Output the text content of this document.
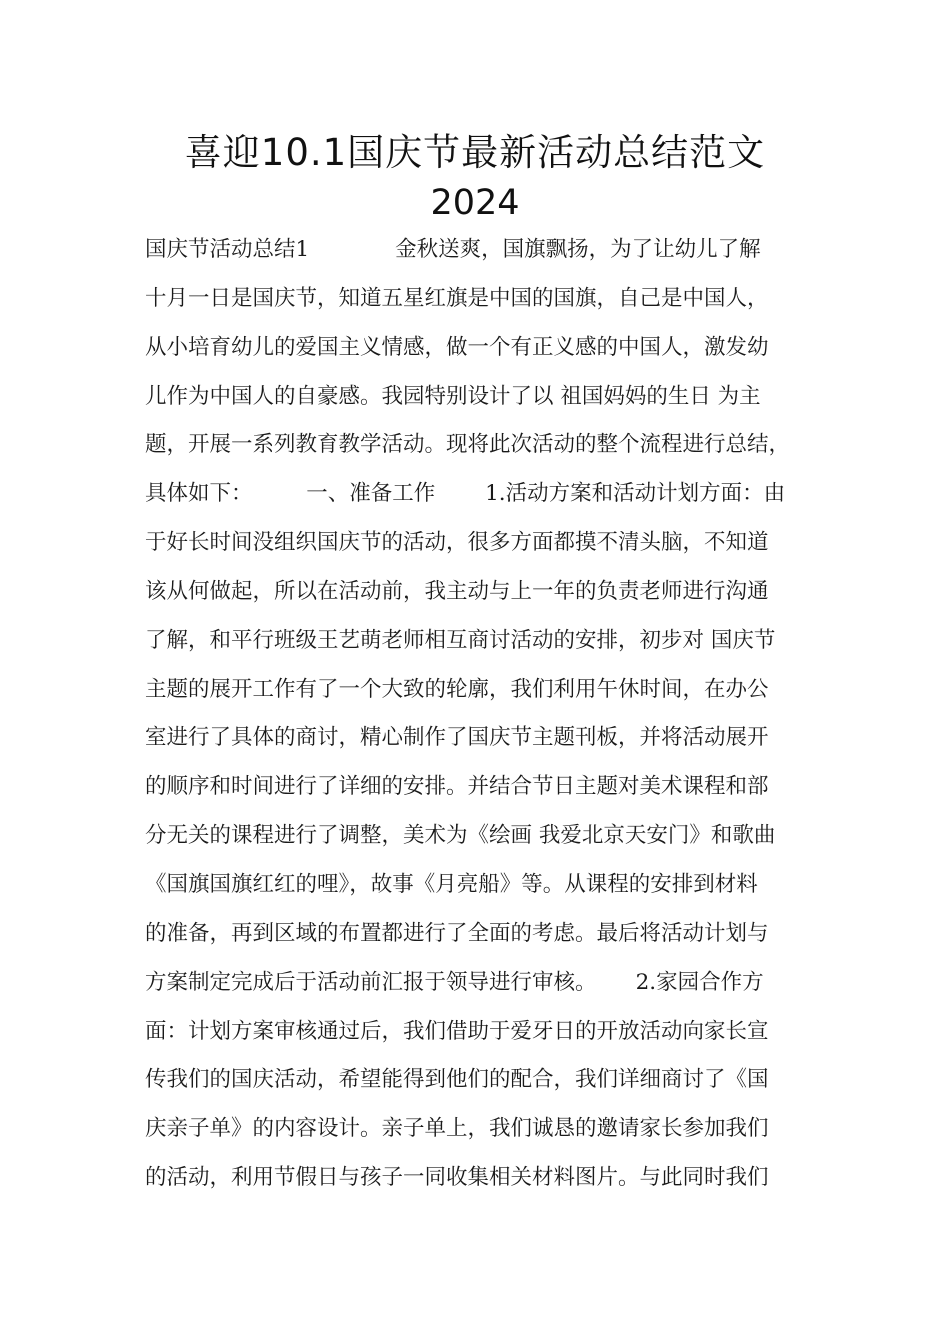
喜迎10.1国庆节最新活动总结范文
2024
国庆节活动总结1　　　　金秋送爽，国旗飘扬，为了让幼儿了解
十月一日是国庆节，知道五星红旗是中国的国旗，自己是中国人，
从小培育幼儿的爱国主义情感，做一个有正义感的中国人，激发幼
儿作为中国人的自豪感。我园特别设计了以 祖国妈妈的生日 为主
题，开展一系列教育教学活动。现将此次活动的整个流程进行总结，
具体如下：　　　一、准备工作　　 1.活动方案和活动计划方面：由
于好长时间没组织国庆节的活动，很多方面都摸不清头脑，不知道
该从何做起，所以在活动前，我主动与上一年的负责老师进行沟通
了解，和平行班级王艺萌老师相互商讨活动的安排，初步对 国庆节
主题的展开工作有了一个大致的轮廓，我们利用午休时间，在办公
室进行了具体的商讨，精心制作了国庆节主题刊板，并将活动展开
的顺序和时间进行了详细的安排。并结合节日主题对美术课程和部
分无关的课程进行了调整，美术为《绘画 我爱北京天安门》和歌曲
《国旗国旗红红的哩》，故事《月亮船》等。从课程的安排到材料
的准备，再到区域的布置都进行了全面的考虑。最后将活动计划与
方案制定完成后于活动前汇报于领导进行审核。　　 2.家园合作方
面：计划方案审核通过后，我们借助于爱牙日的开放活动向家长宣
传我们的国庆活动，希望能得到他们的配合，我们详细商讨了《国
庆亲子单》的内容设计。亲子单上，我们诚恳的邀请家长参加我们
的活动，利用节假日与孩子一同收集相关材料图片。与此同时我们
